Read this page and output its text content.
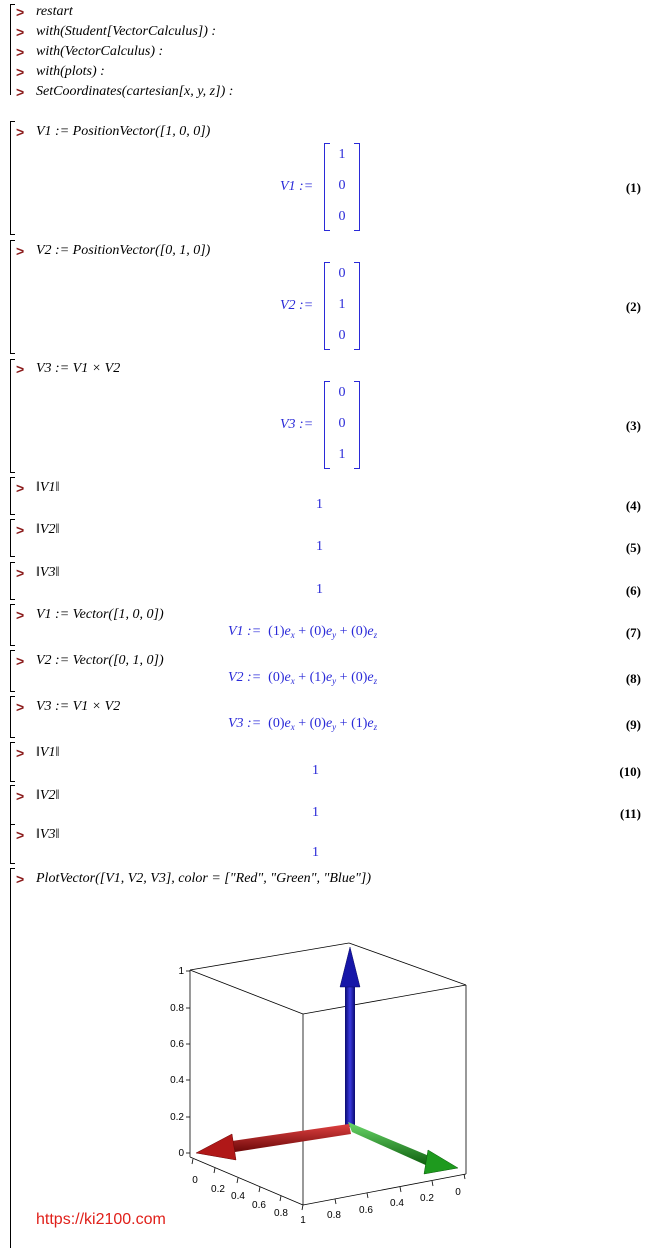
> restart
> with(Student[VectorCalculus]) :
> with(VectorCalculus) :
> with(plots) :
> SetCoordinates(cartesian[x, y, z]) :
> V1 := PositionVector([1, 0, 0])
V1 :=
1
0
0
(1)
> V2 := PositionVector([0, 1, 0])
V2 :=
0
1
0
(2)
> V3 := V1 × V2
V3 :=
0
0
1
(3)
> ‖V1‖
1	(4)
> ‖V2‖
1	(5)
> ‖V3‖
1	(6)
> V1 := Vector([1, 0, 0])
V1 := $(1)e_x + (0)e_y + (0)e_z$	(7)
> V2 := Vector([0, 1, 0])
V2 := $(0)e_x + (1)e_y + (0)e_z$	(8)
> V3 := V1 × V2
V3 := $(0)e_x + (0)e_y + (1)e_z$	(9)
> ‖V1‖
1	(10)
> ‖V2‖
1	(11)
> ‖V3‖
1
> PlotVector([V1, V2, V3], color = ["Red", "Green", "Blue"])
0
0.2
0.4
0.6
0.8
1
0
0.2
0.4
0.6
0.8
1 0.8 0.6
0.4 0.2
0
https://ki2100.com
